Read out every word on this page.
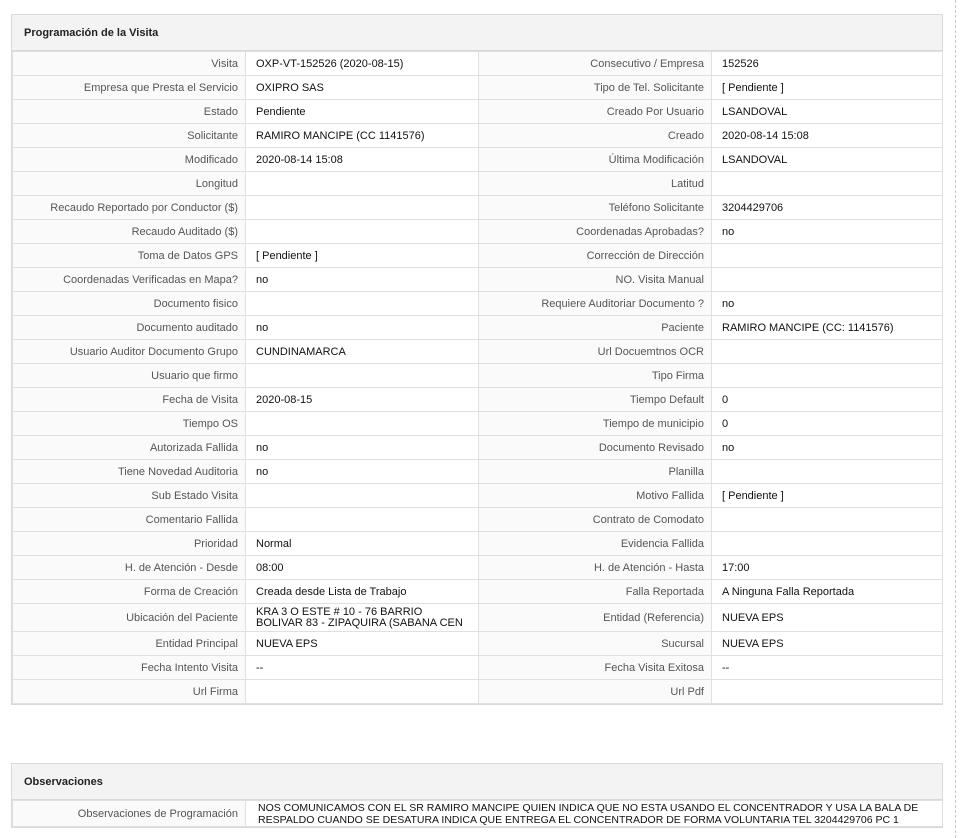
Programación de la Visita
Visita	OXP-VT-152526 (2020-08-15)	Consecutivo / Empresa	152526
Empresa que Presta el Servicio	OXIPRO SAS	Tipo de Tel. Solicitante	[ Pendiente ]
Estado	Pendiente	Creado Por Usuario	LSANDOVAL
Solicitante	RAMIRO MANCIPE (CC 1141576)	Creado	2020-08-14 15:08
Modificado	2020-08-14 15:08	Última Modificación	LSANDOVAL
Longitud		Latitud	
Recaudo Reportado por Conductor ($)		Teléfono Solicitante	3204429706
Recaudo Auditado ($)		Coordenadas Aprobadas?	no
Toma de Datos GPS	[ Pendiente ]	Corrección de Dirección	
Coordenadas Verificadas en Mapa?	no	NO. Visita Manual	
Documento fisico		Requiere Auditoriar Documento ?	no
Documento auditado	no	Paciente	RAMIRO MANCIPE (CC: 1141576)
Usuario Auditor Documento Grupo	CUNDINAMARCA	Url Docuemtnos OCR	
Usuario que firmo		Tipo Firma	
Fecha de Visita	2020-08-15	Tiempo Default	0
Tiempo OS		Tiempo de municipio	0
Autorizada Fallida	no	Documento Revisado	no
Tiene Novedad Auditoria	no	Planilla	
Sub Estado Visita		Motivo Fallida	[ Pendiente ]
Comentario Fallida		Contrato de Comodato	
Prioridad	Normal	Evidencia Fallida	
H. de Atención - Desde	08:00	H. de Atención - Hasta	17:00
Forma de Creación	Creada desde Lista de Trabajo	Falla Reportada	A Ninguna Falla Reportada
Ubicación del Paciente	KRA 3 O ESTE # 10 - 76 BARRIO BOLIVAR 83 - ZIPAQUIRA (SABANA CEN	Entidad (Referencia)	NUEVA EPS
Entidad Principal	NUEVA EPS	Sucursal	NUEVA EPS
Fecha Intento Visita	--	Fecha Visita Exitosa	--
Url Firma		Url Pdf	
Observaciones
Observaciones de Programación	NOS COMUNICAMOS CON EL SR RAMIRO MANCIPE QUIEN INDICA QUE NO ESTA USANDO EL CONCENTRADOR Y USA LA BALA DE RESPALDO CUANDO SE DESATURA INDICA QUE ENTREGA EL CONCENTRADOR DE FORMA VOLUNTARIA TEL 3204429706 PC 1
